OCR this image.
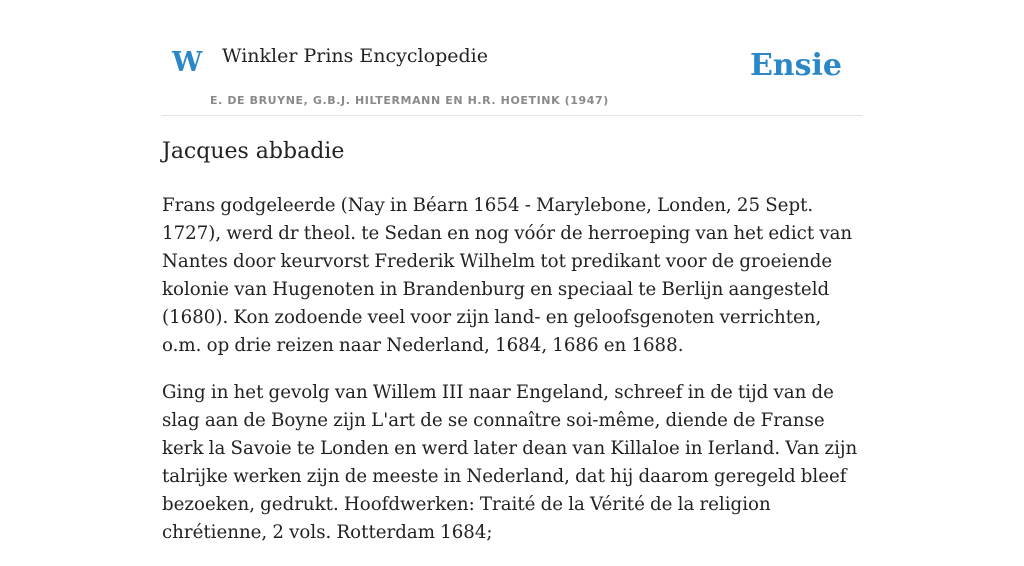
W Winkler Prins Encyclopedie
E. DE BRUYNE, G.B.J. HILTERMANN EN H.R. HOETINK (1947)
Ensie
Jacques abbadie

Frans godgeleerde (Nay in Béarn 1654 - Marylebone, Londen, 25 Sept. 1727), werd dr theol. te Sedan en nog vóór de herroeping van het edict van Nantes door keurvorst Frederik Wilhelm tot predikant voor de groeiende kolonie van Hugenoten in Brandenburg en speciaal te Berlijn aangesteld (1680). Kon zodoende veel voor zijn land- en geloofsgenoten verrichten, o.m. op drie reizen naar Nederland, 1684, 1686 en 1688.

Ging in het gevolg van Willem III naar Engeland, schreef in de tijd van de slag aan de Boyne zijn L'art de se connaître soi-même, diende de Franse kerk la Savoie te Londen en werd later dean van Killaloe in Ierland. Van zijn talrijke werken zijn de meeste in Nederland, dat hij daarom geregeld bleef bezoeken, gedrukt. Hoofdwerken: Traité de la Vérité de la religion chrétienne, 2 vols. Rotterdam 1684;
